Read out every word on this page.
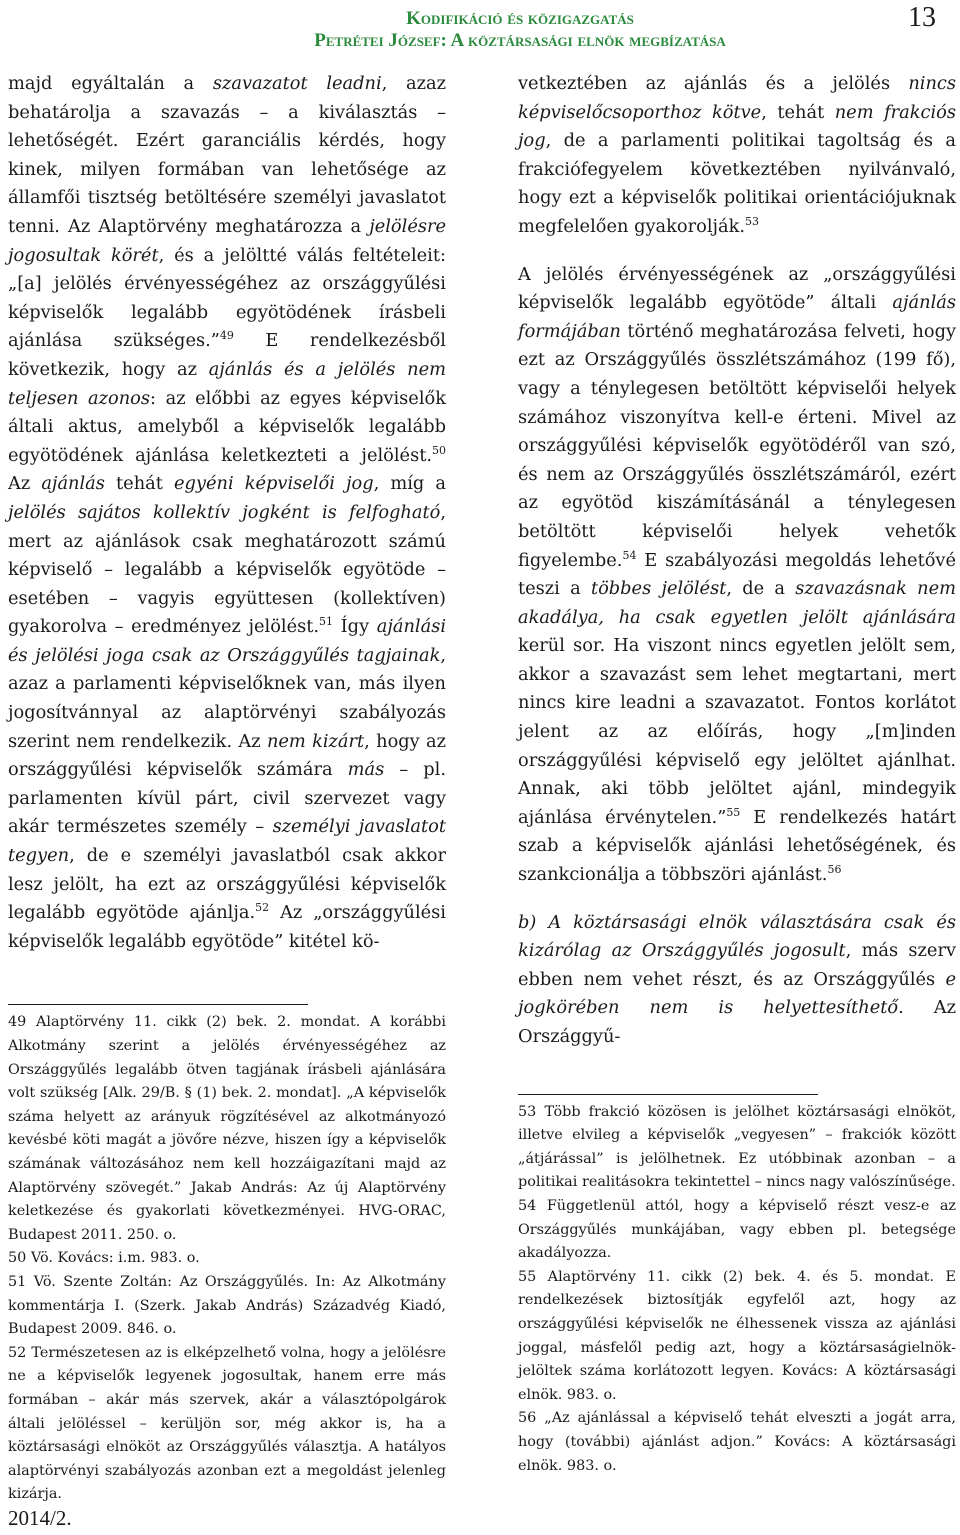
Kodifikáció és közigazgatás
Petrétei József: A köztársasági elnök megbízatása
13

majd egyáltalán a szavazatot leadni, azaz behatárolja a szavazás – a kiválasztás – lehetőségét. Ezért garanciális kérdés, hogy kinek, milyen formában van lehetősége az államfői tisztség betöltésére személyi javaslatot tenni. Az Alaptörvény meghatározza a jelölésre jogosultak körét, és a jelöltté válás feltételeit: „[a] jelölés érvényességéhez az országgyűlési képviselők legalább egyötödének írásbeli ajánlása szükséges.”$^{49}$ E rendelkezésből következik, hogy az ajánlás és a jelölés nem teljesen azonos: az előbbi az egyes képviselők általi aktus, amelyből a képviselők legalább egyötödének ajánlása keletkezteti a jelölést.$^{50}$ Az ajánlás tehát egyéni képviselői jog, míg a jelölés sajátos kollektív jogként is felfogható, mert az ajánlások csak meghatározott számú képviselő – legalább a képviselők egyötöde – esetében – vagyis együttesen (kollektíven) gyakorolva – eredményez jelölést.$^{51}$ Így ajánlási és jelölési joga csak az Országgyűlés tagjainak, azaz a parlamenti képviselőknek van, más ilyen jogosítvánnyal az alaptörvényi szabályozás szerint nem rendelkezik. Az nem kizárt, hogy az országgyűlési képviselők számára más – pl. parlamenten kívül párt, civil szervezet vagy akár természetes személy – személyi javaslatot tegyen, de e személyi javaslatból csak akkor lesz jelölt, ha ezt az országgyűlési képviselők legalább egyötöde ajánlja.$^{52}$ Az „országgyűlési képviselők legalább egyötöde” kitétel kö-

49 Alaptörvény 11. cikk (2) bek. 2. mondat. A korábbi Alkotmány szerint a jelölés érvényességéhez az Országgyűlés legalább ötven tagjának írásbeli ajánlására volt szükség [Alk. 29/B. § (1) bek. 2. mondat]. „A képviselők száma helyett az arányuk rögzítésével az alkotmányozó kevésbé köti magát a jövőre nézve, hiszen így a képviselők számának változásához nem kell hozzáigazítani majd az Alaptörvény szövegét.” Jakab András: Az új Alaptörvény keletkezése és gyakorlati következményei. HVG-ORAC, Budapest 2011. 250. o.

50 Vö. Kovács: i.m. 983. o.

51 Vö. Szente Zoltán: Az Országgyűlés. In: Az Alkotmány kommentárja I. (Szerk. Jakab András) Századvég Kiadó, Budapest 2009. 846. o.

52 Természetesen az is elképzelhető volna, hogy a jelölésre ne a képviselők legyenek jogosultak, hanem erre más formában – akár más szervek, akár a választópolgárok általi jelöléssel – kerüljön sor, még akkor is, ha a köztársasági elnököt az Országgyűlés választja. A hatályos alaptörvényi szabályozás azonban ezt a megoldást jelenleg kizárja.

vetkeztében az ajánlás és a jelölés nincs képviselőcsoporthoz kötve, tehát nem frakciós jog, de a parlamenti politikai tagoltság és a frakciófegyelem következtében nyilvánvaló, hogy ezt a képviselők politikai orientációjuknak megfelelően gyakorolják.$^{53}$

A jelölés érvényességének az „országgyűlési képviselők legalább egyötöde” általi ajánlás formájában történő meghatározása felveti, hogy ezt az Országgyűlés összlétszámához (199 fő), vagy a ténylegesen betöltött képviselői helyek számához viszonyítva kell-e érteni. Mivel az országgyűlési képviselők egyötödéről van szó, és nem az Országgyűlés összlétszámáról, ezért az egyötöd kiszámításánál a ténylegesen betöltött képviselői helyek vehetők figyelembe.$^{54}$ E szabályozási megoldás lehetővé teszi a többes jelölést, de a szavazásnak nem akadálya, ha csak egyetlen jelölt ajánlására kerül sor. Ha viszont nincs egyetlen jelölt sem, akkor a szavazást sem lehet megtartani, mert nincs kire leadni a szavazatot. Fontos korlátot jelent az az előírás, hogy „[m]inden országgyűlési képviselő egy jelöltet ajánlhat. Annak, aki több jelöltet ajánl, mindegyik ajánlása érvénytelen.”$^{55}$ E rendelkezés határt szab a képviselők ajánlási lehetőségének, és szankcionálja a többszöri ajánlást.$^{56}$

b) A köztársasági elnök választására csak és kizárólag az Országgyűlés jogosult, más szerv ebben nem vehet részt, és az Országgyűlés e jogkörében nem is helyettesíthető. Az Országgyű-

53 Több frakció közösen is jelölhet köztársasági elnököt, illetve elvileg a képviselők „vegyesen” – frakciók között „átjárással” is jelölhetnek. Ez utóbbinak azonban – a politikai realitásokra tekintettel – nincs nagy valószínűsége.

54 Függetlenül attól, hogy a képviselő részt vesz-e az Országgyűlés munkájában, vagy ebben pl. betegsége akadályozza.

55 Alaptörvény 11. cikk (2) bek. 4. és 5. mondat. E rendelkezések biztosítják egyfelől azt, hogy az országgyűlési képviselők ne élhessenek vissza az ajánlási joggal, másfelől pedig azt, hogy a köztársaságielnök-jelöltek száma korlátozott legyen. Kovács: A köztársasági elnök. 983. o.

56 „Az ajánlással a képviselő tehát elveszti a jogát arra, hogy (további) ajánlást adjon.” Kovács: A köztársasági elnök. 983. o.

2014/2.
